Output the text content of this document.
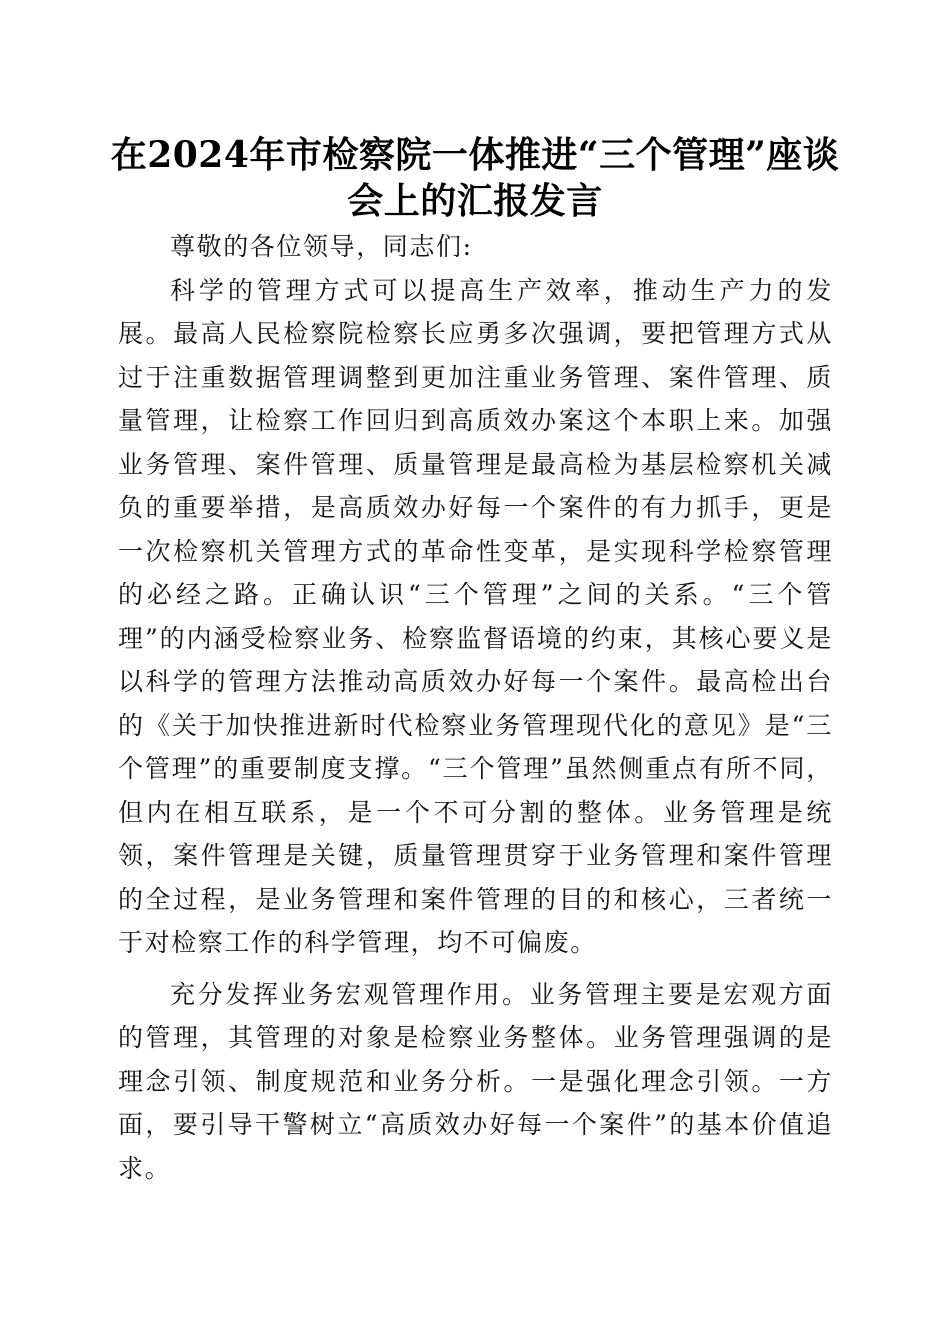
在2024年市检察院一体推进“三个管理”座谈会上的汇报发言

尊敬的各位领导，同志们:

科学的管理方式可以提高生产效率，推动生产力的发展。最高人民检察院检察长应勇多次强调，要把管理方式从过于注重数据管理调整到更加注重业务管理、案件管理、质量管理，让检察工作回归到高质效办案这个本职上来。加强业务管理、案件管理、质量管理是最高检为基层检察机关减负的重要举措，是高质效办好每一个案件的有力抓手，更是一次检察机关管理方式的革命性变革，是实现科学检察管理的必经之路。正确认识“三个管理”之间的关系。“三个管理”的内涵受检察业务、检察监督语境的约束，其核心要义是以科学的管理方法推动高质效办好每一个案件。最高检出台的《关于加快推进新时代检察业务管理现代化的意见》是“三个管理”的重要制度支撑。“三个管理”虽然侧重点有所不同，但内在相互联系，是一个不可分割的整体。业务管理是统领，案件管理是关键，质量管理贯穿于业务管理和案件管理的全过程，是业务管理和案件管理的目的和核心，三者统一于对检察工作的科学管理，均不可偏废。

充分发挥业务宏观管理作用。业务管理主要是宏观方面的管理，其管理的对象是检察业务整体。业务管理强调的是理念引领、制度规范和业务分析。一是强化理念引领。一方面，要引导干警树立“高质效办好每一个案件”的基本价值追求。
